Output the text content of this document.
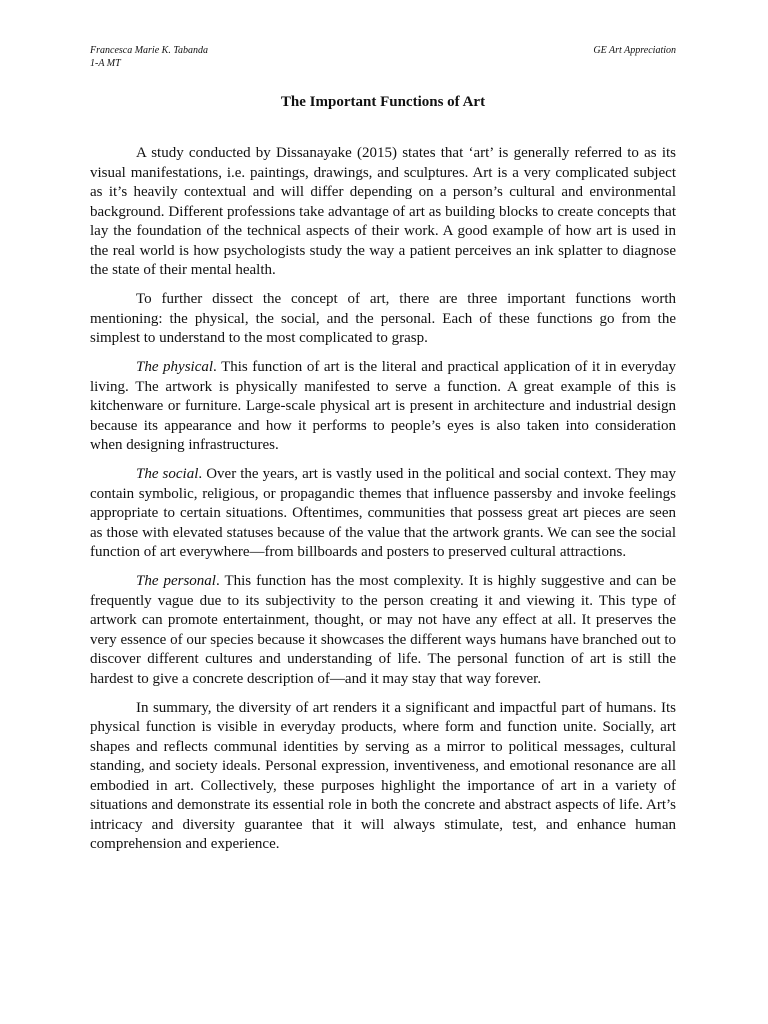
Francesca Marie K. Tabanda
1-A MT
GE Art Appreciation
The Important Functions of Art

A study conducted by Dissanayake (2015) states that ‘art’ is generally referred to as its visual manifestations, i.e. paintings, drawings, and sculptures. Art is a very complicated subject as it’s heavily contextual and will differ depending on a person’s cultural and environmental background. Different professions take advantage of art as building blocks to create concepts that lay the foundation of the technical aspects of their work. A good example of how art is used in the real world is how psychologists study the way a patient perceives an ink splatter to diagnose the state of their mental health.

To further dissect the concept of art, there are three important functions worth mentioning: the physical, the social, and the personal. Each of these functions go from the simplest to understand to the most complicated to grasp.

The physical. This function of art is the literal and practical application of it in everyday living. The artwork is physically manifested to serve a function. A great example of this is kitchenware or furniture. Large-scale physical art is present in architecture and industrial design because its appearance and how it performs to people’s eyes is also taken into consideration when designing infrastructures.

The social. Over the years, art is vastly used in the political and social context. They may contain symbolic, religious, or propagandic themes that influence passersby and invoke feelings appropriate to certain situations. Oftentimes, communities that possess great art pieces are seen as those with elevated statuses because of the value that the artwork grants. We can see the social function of art everywhere—from billboards and posters to preserved cultural attractions.

The personal. This function has the most complexity. It is highly suggestive and can be frequently vague due to its subjectivity to the person creating it and viewing it. This type of artwork can promote entertainment, thought, or may not have any effect at all. It preserves the very essence of our species because it showcases the different ways humans have branched out to discover different cultures and understanding of life. The personal function of art is still the hardest to give a concrete description of—and it may stay that way forever.

In summary, the diversity of art renders it a significant and impactful part of humans. Its physical function is visible in everyday products, where form and function unite. Socially, art shapes and reflects communal identities by serving as a mirror to political messages, cultural standing, and society ideals. Personal expression, inventiveness, and emotional resonance are all embodied in art. Collectively, these purposes highlight the importance of art in a variety of situations and demonstrate its essential role in both the concrete and abstract aspects of life. Art’s intricacy and diversity guarantee that it will always stimulate, test, and enhance human comprehension and experience.
